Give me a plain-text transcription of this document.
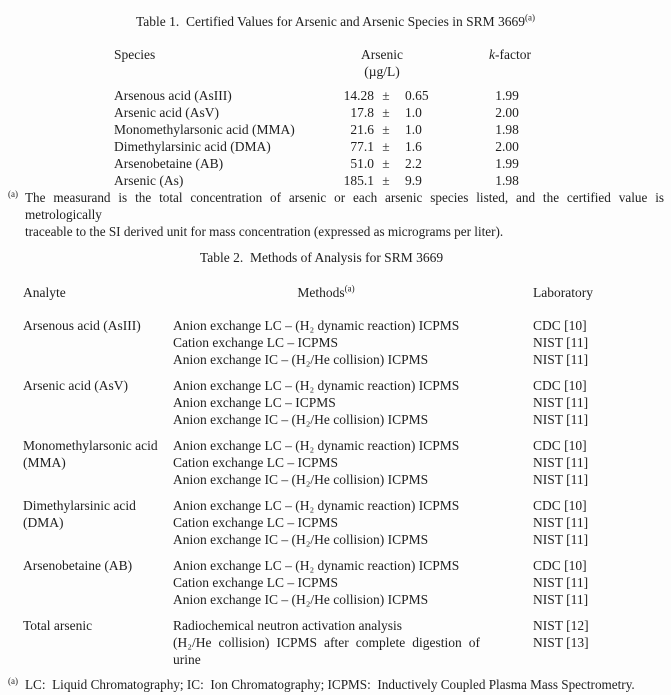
Table 1.  Certified Values for Arsenic and Arsenic Species in SRM 3669$^{(a)}$
Species	Arsenic	k-factor
(µg/L)
Arsenous acid (AsIII)	14.28 ±	0.65	1.99
Arsenic acid (AsV)	17.8 ±	1.0	2.00
Monomethylarsonic acid (MMA)	21.6 ±	1.0	1.98
Dimethylarsinic acid (DMA)	77.1 ±	1.6	2.00
Arsenobetaine (AB)	51.0 ±	2.2	1.99
Arsenic (As)	185.1 ±	9.9	1.98
(a) The measurand is the total concentration of arsenic or each arsenic species listed, and the certified value is metrologically
traceable to the SI derived unit for mass concentration (expressed as micrograms per liter).
Table 2.  Methods of Analysis for SRM 3669
Analyte	Methods$^{(a)}$	Laboratory
Arsenous acid (AsIII)	Anion exchange LC – (H₂ dynamic reaction) ICPMS	CDC [10]
Cation exchange LC – ICPMS	NIST [11]
Anion exchange IC – (H₂/He collision) ICPMS	NIST [11]
Arsenic acid (AsV)	Anion exchange LC – (H₂ dynamic reaction) ICPMS	CDC [10]
Anion exchange LC – ICPMS	NIST [11]
Anion exchange IC – (H₂/He collision) ICPMS	NIST [11]
Monomethylarsonic acid	Anion exchange LC – (H₂ dynamic reaction) ICPMS	CDC [10]
(MMA)	Cation exchange LC – ICPMS	NIST [11]
Anion exchange IC – (H₂/He collision) ICPMS	NIST [11]
Dimethylarsinic acid	Anion exchange LC – (H₂ dynamic reaction) ICPMS	CDC [10]
(DMA)	Cation exchange LC – ICPMS	NIST [11]
Anion exchange IC – (H₂/He collision) ICPMS	NIST [11]
Arsenobetaine (AB)	Anion exchange LC – (H₂ dynamic reaction) ICPMS	CDC [10]
Cation exchange LC – ICPMS	NIST [11]
Anion exchange IC – (H₂/He collision) ICPMS	NIST [11]
Total arsenic	Radiochemical neutron activation analysis	NIST [12]
(H₂/He collision) ICPMS after complete digestion of	NIST [13]
urine
(a) LC:  Liquid Chromatography; IC:  Ion Chromatography; ICPMS:  Inductively Coupled Plasma Mass Spectrometry.
